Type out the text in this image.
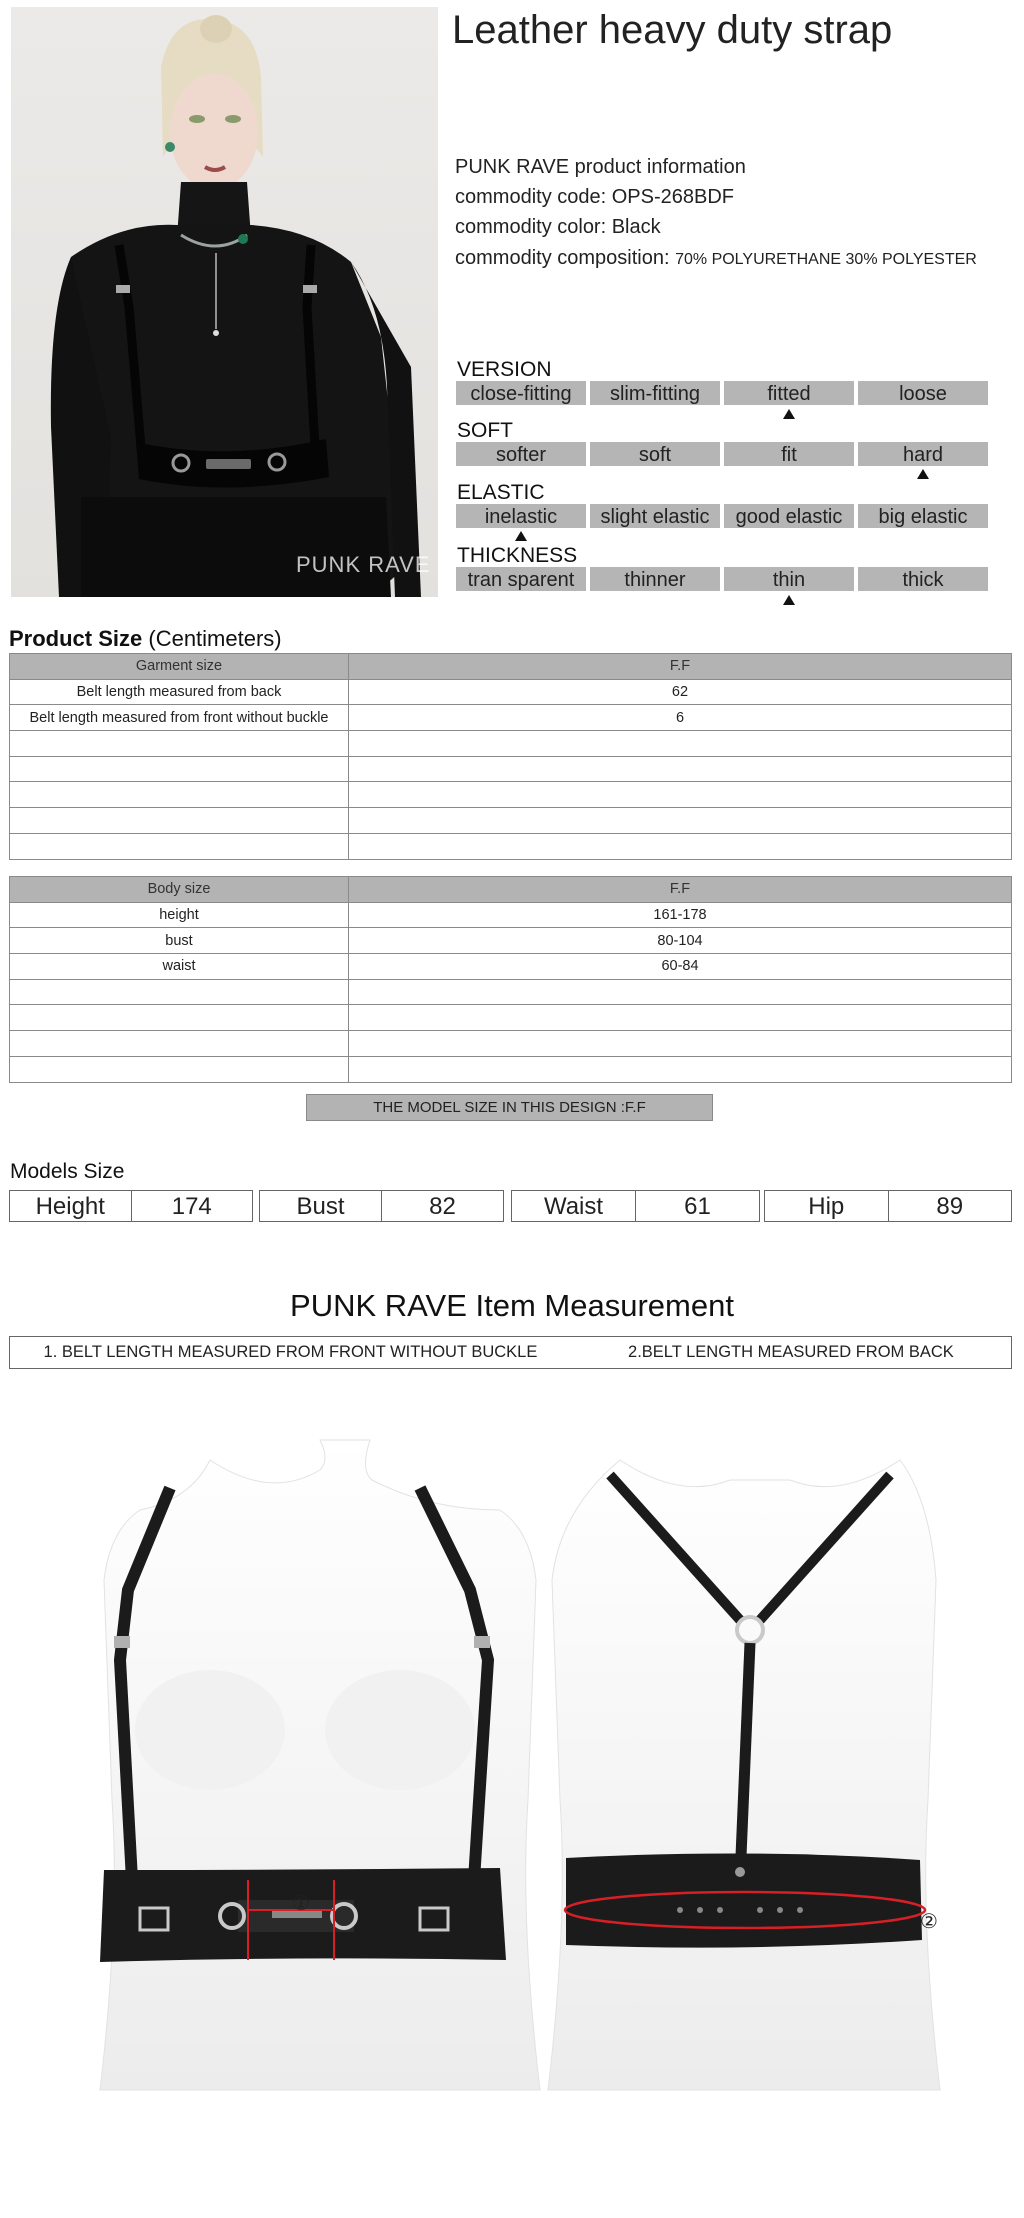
PUNK RAVE
Leather heavy duty strap
PUNK RAVE product information
commodity code: OPS-268BDF
commodity color: Black
commodity composition: 70% POLYURETHANE 30% POLYESTER
VERSION
close-fitting	slim-fitting	fitted	loose
SOFT
softer	soft	fit	hard
ELASTIC
inelastic	slight elastic	good elastic	big elastic
THICKNESS
tran sparent	thinner	thin	thick
Product Size (Centimeters)
Garment size	F.F
Belt length measured from back	62
Belt length measured from front without buckle	6

Body size	F.F
height	161-178
bust	80-104
waist	60-84

THE MODEL SIZE IN THIS DESIGN :F.F
Models Size
Height	174	Bust	82	Waist	61	Hip	89
PUNK RAVE Item Measurement
1. BELT LENGTH MEASURED FROM FRONT WITHOUT BUCKLE	2.BELT LENGTH MEASURED FROM BACK
①
②
